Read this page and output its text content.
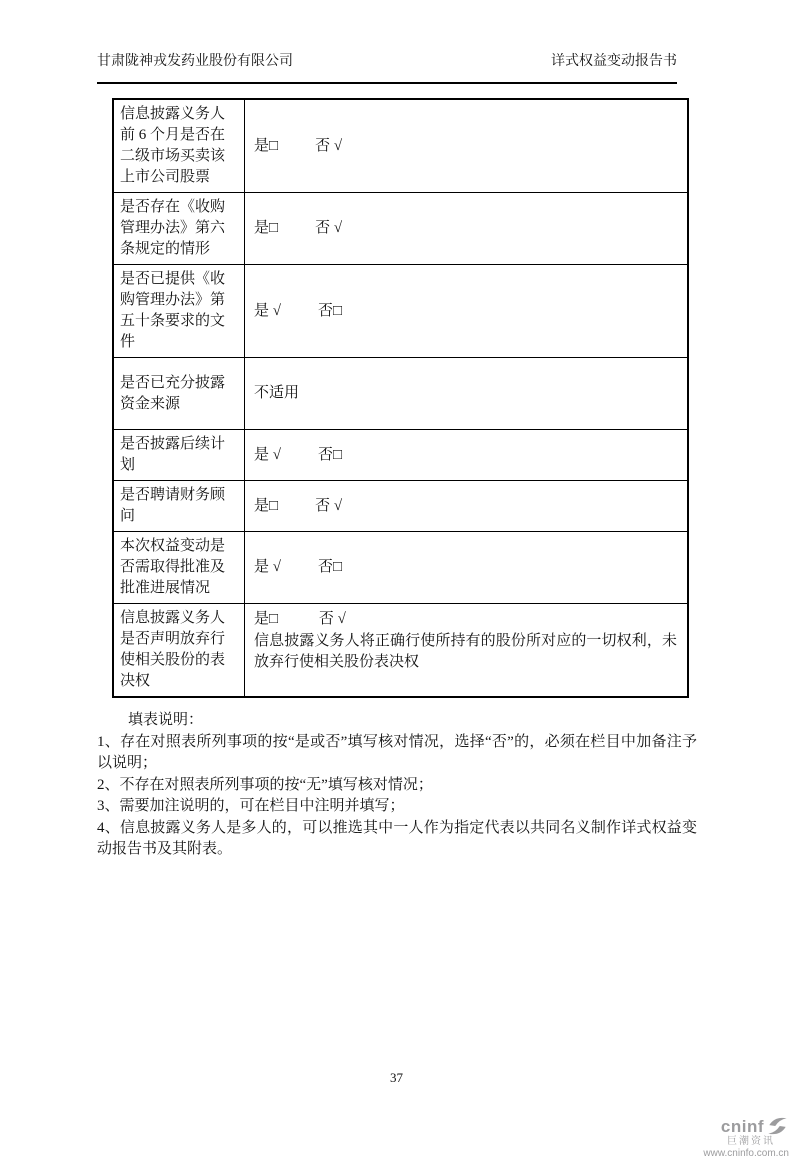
甘肃陇神戎发药业股份有限公司	详式权益变动报告书
信息披露义务人前 6 个月是否在二级市场买卖该上市公司股票
是□ 否 √
是否存在《收购管理办法》第六条规定的情形
是□ 否 √
是否已提供《收购管理办法》第五十条要求的文件
是 √ 否□
是否已充分披露资金来源
不适用
是否披露后续计划
是 √ 否□
是否聘请财务顾问
是□ 否 √
本次权益变动是否需取得批准及批准进展情况
是 √ 否□
信息披露义务人是否声明放弃行使相关股份的表决权
是□	否 √
信息披露义务人将正确行使所持有的股份所对应的一切权利，未放弃行使相关股份表决权
填表说明：
1、存在对照表所列事项的按“是或否”填写核对情况，选择“否”的，必须在栏目中加备注予以说明；
2、不存在对照表所列事项的按“无”填写核对情况；
3、需要加注说明的，可在栏目中注明并填写；
4、信息披露义务人是多人的，可以推选其中一人作为指定代表以共同名义制作详式权益变动报告书及其附表。
37
cninf
巨潮资讯
www.cninfo.com.cn
